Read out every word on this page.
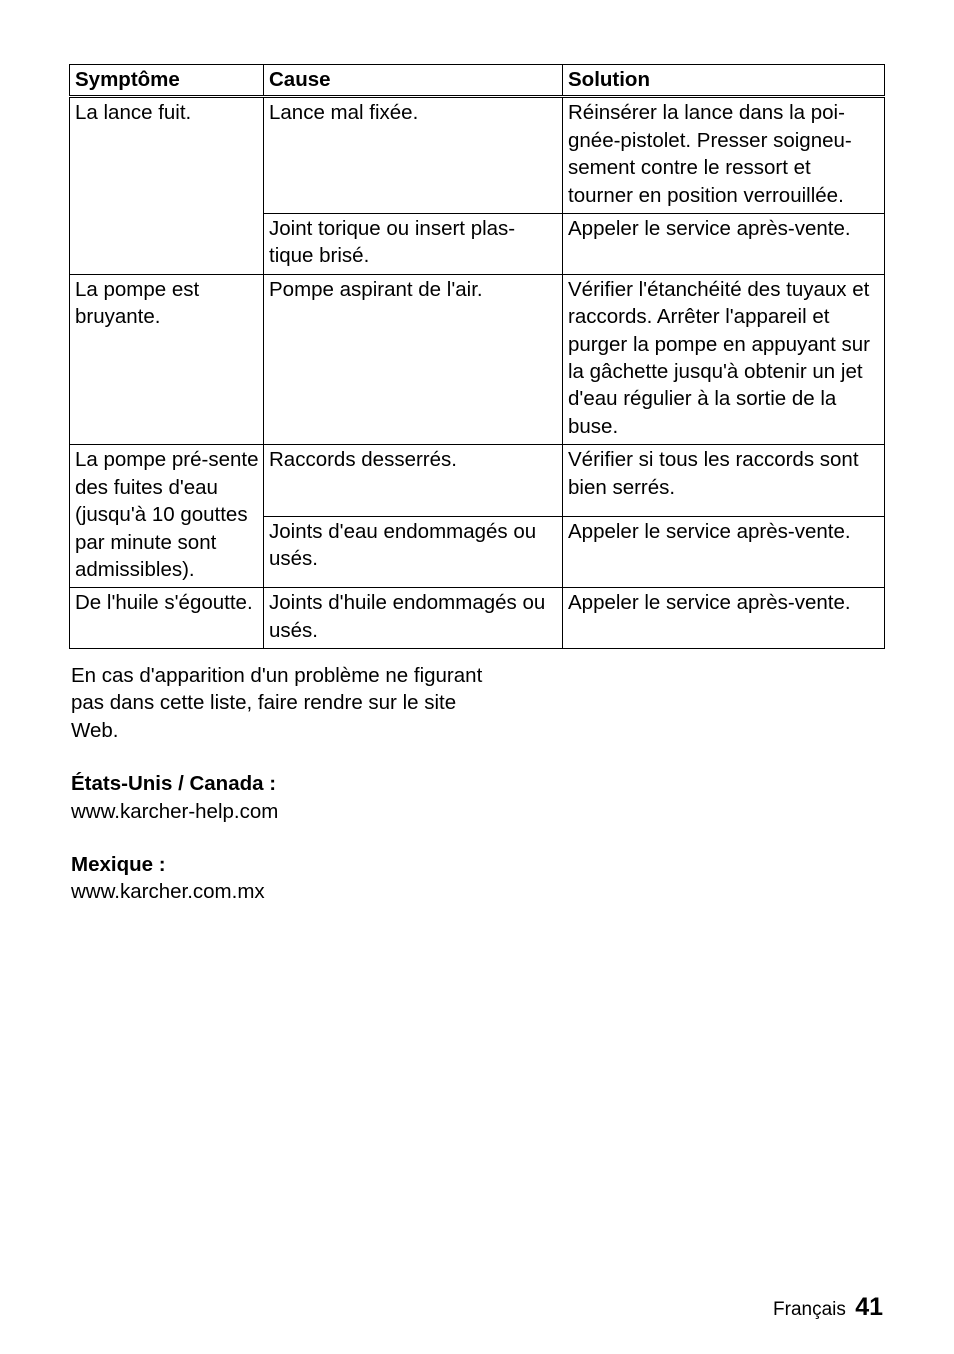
Symptôme	Cause	Solution
La lance fuit.	Lance mal fixée.	Réinsérer la lance dans la poi-gnée-pistolet. Presser soigneu-sement contre le ressort et tourner en position verrouillée.
	Joint torique ou insert plas-tique brisé.	Appeler le service après-vente.
La pompe est bruyante.	Pompe aspirant de l'air.	Vérifier l'étanchéité des tuyaux et raccords. Arrêter l'appareil et purger la pompe en appuyant sur la gâchette jusqu'à obtenir un jet d'eau régulier à la sortie de la buse.
La pompe pré-sente des fuites d'eau (jusqu'à 10 gouttes par minute sont admissibles).	Raccords desserrés.	Vérifier si tous les raccords sont bien serrés.
	Joints d'eau endommagés ou usés.	Appeler le service après-vente.
De l'huile s'égoutte.	Joints d'huile endommagés ou usés.	Appeler le service après-vente.

En cas d'apparition d'un problème ne figurant pas dans cette liste, faire rendre sur le site Web.

États-Unis / Canada :
www.karcher-help.com

Mexique :
www.karcher.com.mx

Français 41
